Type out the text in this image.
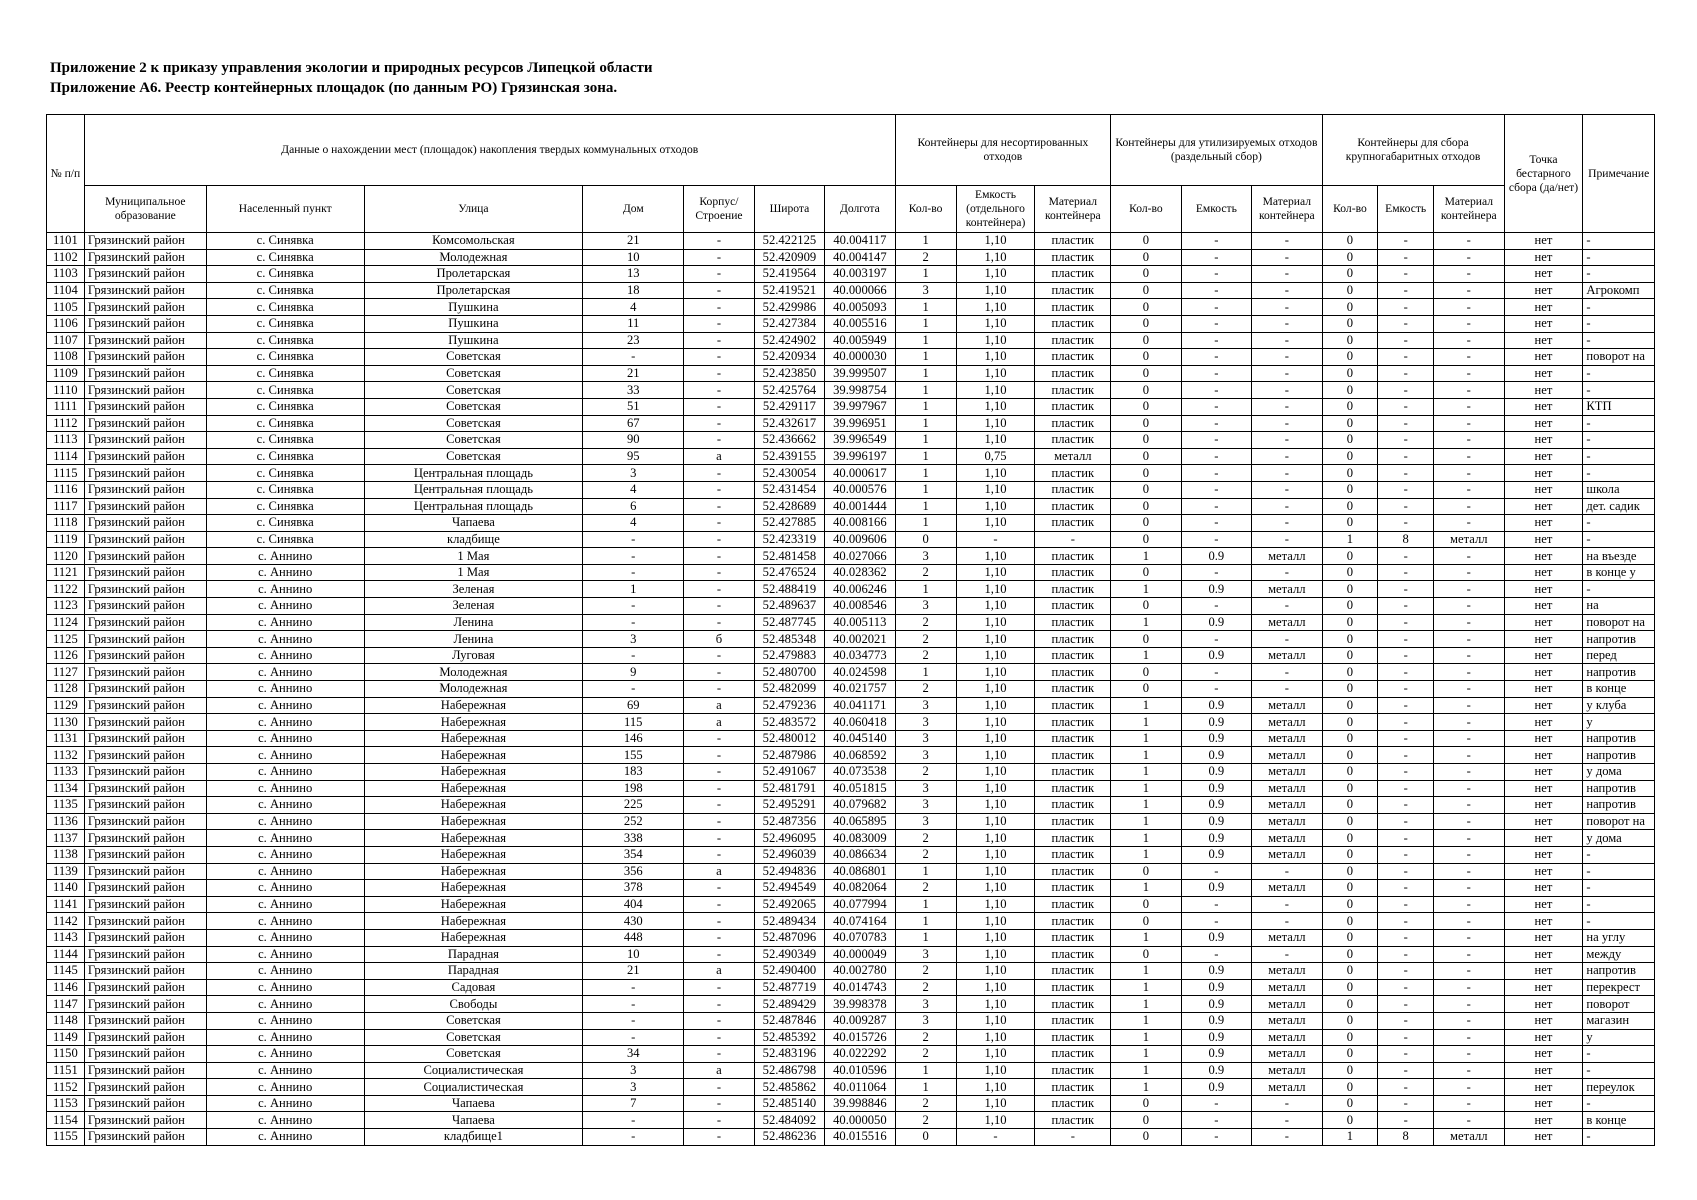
Приложение 2 к приказу управления экологии и природных ресурсов Липецкой области
Приложение А6. Реестр контейнерных площадок (по данным РО) Грязинская зона.
№ п/п	Данные о нахождении мест (площадок) накопления твердых коммунальных отходов							Контейнеры для несортированных отходов			Контейнеры для утилизируемых отходов (раздельный сбор)			Контейнеры для сбора крупногабаритных отходов			Точка бестарного сбора (да/нет)	Примечание
	Муниципальное образование	Населенный пункт	Улица	Дом	Корпус/ Строение	Широта	Долгота	Кол-во	Емкость (отдельного контейнера)	Материал контейнера	Кол-во	Емкость	Материал контейнера	Кол-во	Емкость	Материал контейнера		
1101	Грязинский район	с. Синявка	Комсомольская	21	-	52.422125	40.004117	1	1,10	пластик	0	-	-	0	-	-	нет	-
1102	Грязинский район	с. Синявка	Молодежная	10	-	52.420909	40.004147	2	1,10	пластик	0	-	-	0	-	-	нет	-
1103	Грязинский район	с. Синявка	Пролетарская	13	-	52.419564	40.003197	1	1,10	пластик	0	-	-	0	-	-	нет	-
1104	Грязинский район	с. Синявка	Пролетарская	18	-	52.419521	40.000066	3	1,10	пластик	0	-	-	0	-	-	нет	Агрокомп
1105	Грязинский район	с. Синявка	Пушкина	4	-	52.429986	40.005093	1	1,10	пластик	0	-	-	0	-	-	нет	-
1106	Грязинский район	с. Синявка	Пушкина	11	-	52.427384	40.005516	1	1,10	пластик	0	-	-	0	-	-	нет	-
1107	Грязинский район	с. Синявка	Пушкина	23	-	52.424902	40.005949	1	1,10	пластик	0	-	-	0	-	-	нет	-
1108	Грязинский район	с. Синявка	Советская	-	-	52.420934	40.000030	1	1,10	пластик	0	-	-	0	-	-	нет	поворот на
1109	Грязинский район	с. Синявка	Советская	21	-	52.423850	39.999507	1	1,10	пластик	0	-	-	0	-	-	нет	-
1110	Грязинский район	с. Синявка	Советская	33	-	52.425764	39.998754	1	1,10	пластик	0	-	-	0	-	-	нет	-
1111	Грязинский район	с. Синявка	Советская	51	-	52.429117	39.997967	1	1,10	пластик	0	-	-	0	-	-	нет	КТП
1112	Грязинский район	с. Синявка	Советская	67	-	52.432617	39.996951	1	1,10	пластик	0	-	-	0	-	-	нет	-
1113	Грязинский район	с. Синявка	Советская	90	-	52.436662	39.996549	1	1,10	пластик	0	-	-	0	-	-	нет	-
1114	Грязинский район	с. Синявка	Советская	95	а	52.439155	39.996197	1	0,75	металл	0	-	-	0	-	-	нет	-
1115	Грязинский район	с. Синявка	Центральная площадь	3	-	52.430054	40.000617	1	1,10	пластик	0	-	-	0	-	-	нет	-
1116	Грязинский район	с. Синявка	Центральная площадь	4	-	52.431454	40.000576	1	1,10	пластик	0	-	-	0	-	-	нет	школа
1117	Грязинский район	с. Синявка	Центральная площадь	6	-	52.428689	40.001444	1	1,10	пластик	0	-	-	0	-	-	нет	дет. садик
1118	Грязинский район	с. Синявка	Чапаева	4	-	52.427885	40.008166	1	1,10	пластик	0	-	-	0	-	-	нет	-
1119	Грязинский район	с. Синявка	кладбище	-	-	52.423319	40.009606	0	-	-	0	-	-	1	8	металл	нет	-
1120	Грязинский район	с. Аннино	1 Мая	-	-	52.481458	40.027066	3	1,10	пластик	1	0.9	металл	0	-	-	нет	на въезде
1121	Грязинский район	с. Аннино	1 Мая	-	-	52.476524	40.028362	2	1,10	пластик	0	-	-	0	-	-	нет	в конце у
1122	Грязинский район	с. Аннино	Зеленая	1	-	52.488419	40.006246	1	1,10	пластик	1	0.9	металл	0	-	-	нет	-
1123	Грязинский район	с. Аннино	Зеленая	-	-	52.489637	40.008546	3	1,10	пластик	0	-	-	0	-	-	нет	на
1124	Грязинский район	с. Аннино	Ленина	-	-	52.487745	40.005113	2	1,10	пластик	1	0.9	металл	0	-	-	нет	поворот на
1125	Грязинский район	с. Аннино	Ленина	3	б	52.485348	40.002021	2	1,10	пластик	0	-	-	0	-	-	нет	напротив
1126	Грязинский район	с. Аннино	Луговая	-	-	52.479883	40.034773	2	1,10	пластик	1	0.9	металл	0	-	-	нет	перед
1127	Грязинский район	с. Аннино	Молодежная	9	-	52.480700	40.024598	1	1,10	пластик	0	-	-	0	-	-	нет	напротив
1128	Грязинский район	с. Аннино	Молодежная	-	-	52.482099	40.021757	2	1,10	пластик	0	-	-	0	-	-	нет	в конце
1129	Грязинский район	с. Аннино	Набережная	69	а	52.479236	40.041171	3	1,10	пластик	1	0.9	металл	0	-	-	нет	у клуба
1130	Грязинский район	с. Аннино	Набережная	115	а	52.483572	40.060418	3	1,10	пластик	1	0.9	металл	0	-	-	нет	у
1131	Грязинский район	с. Аннино	Набережная	146	-	52.480012	40.045140	3	1,10	пластик	1	0.9	металл	0	-	-	нет	напротив
1132	Грязинский район	с. Аннино	Набережная	155	-	52.487986	40.068592	3	1,10	пластик	1	0.9	металл	0	-	-	нет	напротив
1133	Грязинский район	с. Аннино	Набережная	183	-	52.491067	40.073538	2	1,10	пластик	1	0.9	металл	0	-	-	нет	у дома
1134	Грязинский район	с. Аннино	Набережная	198	-	52.481791	40.051815	3	1,10	пластик	1	0.9	металл	0	-	-	нет	напротив
1135	Грязинский район	с. Аннино	Набережная	225	-	52.495291	40.079682	3	1,10	пластик	1	0.9	металл	0	-	-	нет	напротив
1136	Грязинский район	с. Аннино	Набережная	252	-	52.487356	40.065895	3	1,10	пластик	1	0.9	металл	0	-	-	нет	поворот на
1137	Грязинский район	с. Аннино	Набережная	338	-	52.496095	40.083009	2	1,10	пластик	1	0.9	металл	0	-	-	нет	у дома
1138	Грязинский район	с. Аннино	Набережная	354	-	52.496039	40.086634	2	1,10	пластик	1	0.9	металл	0	-	-	нет	-
1139	Грязинский район	с. Аннино	Набережная	356	а	52.494836	40.086801	1	1,10	пластик	0	-	-	0	-	-	нет	-
1140	Грязинский район	с. Аннино	Набережная	378	-	52.494549	40.082064	2	1,10	пластик	1	0.9	металл	0	-	-	нет	-
1141	Грязинский район	с. Аннино	Набережная	404	-	52.492065	40.077994	1	1,10	пластик	0	-	-	0	-	-	нет	-
1142	Грязинский район	с. Аннино	Набережная	430	-	52.489434	40.074164	1	1,10	пластик	0	-	-	0	-	-	нет	-
1143	Грязинский район	с. Аннино	Набережная	448	-	52.487096	40.070783	1	1,10	пластик	1	0.9	металл	0	-	-	нет	на углу
1144	Грязинский район	с. Аннино	Парадная	10	-	52.490349	40.000049	3	1,10	пластик	0	-	-	0	-	-	нет	между
1145	Грязинский район	с. Аннино	Парадная	21	а	52.490400	40.002780	2	1,10	пластик	1	0.9	металл	0	-	-	нет	напротив
1146	Грязинский район	с. Аннино	Садовая	-	-	52.487719	40.014743	2	1,10	пластик	1	0.9	металл	0	-	-	нет	перекрест
1147	Грязинский район	с. Аннино	Свободы	-	-	52.489429	39.998378	3	1,10	пластик	1	0.9	металл	0	-	-	нет	поворот
1148	Грязинский район	с. Аннино	Советская	-	-	52.487846	40.009287	3	1,10	пластик	1	0.9	металл	0	-	-	нет	магазин
1149	Грязинский район	с. Аннино	Советская	-	-	52.485392	40.015726	2	1,10	пластик	1	0.9	металл	0	-	-	нет	у
1150	Грязинский район	с. Аннино	Советская	34	-	52.483196	40.022292	2	1,10	пластик	1	0.9	металл	0	-	-	нет	-
1151	Грязинский район	с. Аннино	Социалистическая	3	а	52.486798	40.010596	1	1,10	пластик	1	0.9	металл	0	-	-	нет	-
1152	Грязинский район	с. Аннино	Социалистическая	3	-	52.485862	40.011064	1	1,10	пластик	1	0.9	металл	0	-	-	нет	переулок
1153	Грязинский район	с. Аннино	Чапаева	7	-	52.485140	39.998846	2	1,10	пластик	0	-	-	0	-	-	нет	-
1154	Грязинский район	с. Аннино	Чапаева	-	-	52.484092	40.000050	2	1,10	пластик	0	-	-	0	-	-	нет	в конце
1155	Грязинский район	с. Аннино	кладбище1	-	-	52.486236	40.015516	0	-	-	0	-	-	1	8	металл	нет	-
